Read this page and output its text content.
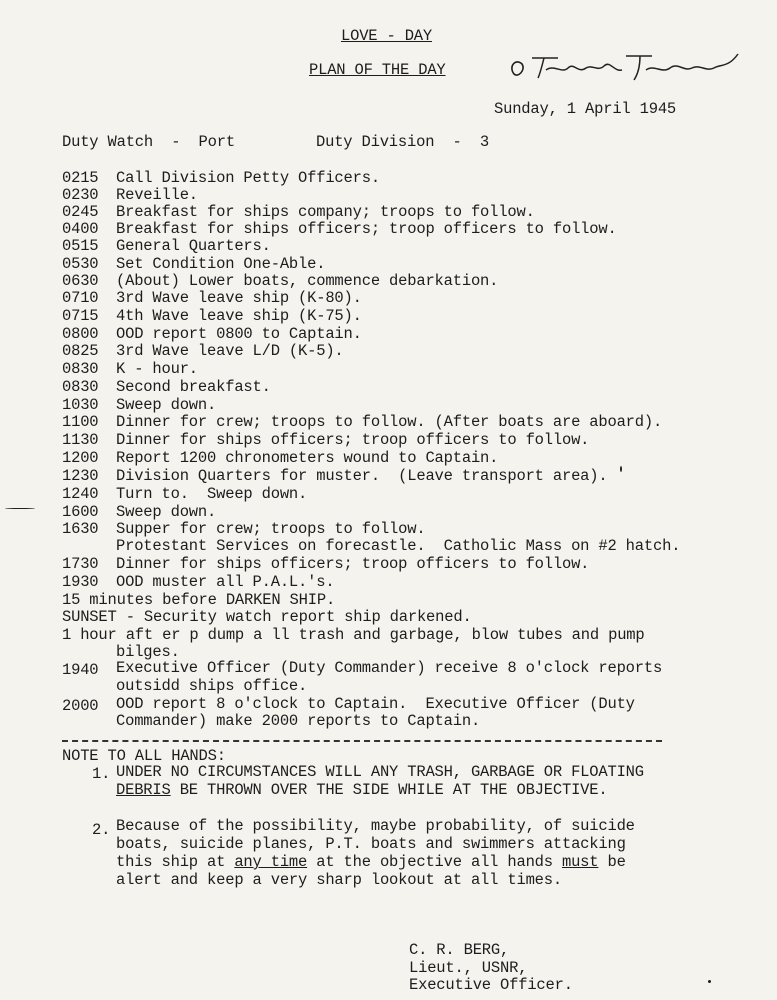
LOVE - DAY
PLAN OF THE DAY
Sunday, 1 April 1945
Duty Watch  -  Port	Duty Division  -  3
0215	Call Division Petty Officers.
0230	Reveille.
0245	Breakfast for ships company; troops to follow.
0400	Breakfast for ships officers; troop officers to follow.
0515	General Quarters.
0530	Set Condition One-Able.
0630	(About) Lower boats, commence debarkation.
0710	3rd Wave leave ship (K-80).
0715	4th Wave leave ship (K-75).
0800	OOD report 0800 to Captain.
0825	3rd Wave leave L/D (K-5).
0830	K - hour.
0830	Second breakfast.
1030	Sweep down.
1100	Dinner for crew; troops to follow. (After boats are aboard).
1130	Dinner for ships officers; troop officers to follow.
1200	Report 1200 chronometers wound to Captain.
1230	Division Quarters for muster.  (Leave transport area).
1240	Turn to.  Sweep down.
1600	Sweep down.
1630	Supper for crew; troops to follow.
Protestant Services on forecastle.  Catholic Mass on #2 hatch.
1730	Dinner for ships officers; troop officers to follow.
1930	OOD muster all P.A.L.'s.
15 minutes before DARKEN SHIP.
SUNSET - Security watch report ship darkened.
1 hour aft er p dump a ll trash and garbage, blow tubes and pump
bilges.
1940 Executive Officer (Duty Commander) receive 8 o'clock reports
outsidd ships office.
2000 OOD report 8 o'clock to Captain.  Executive Officer (Duty
Commander) make 2000 reports to Captain.
NOTE TO ALL HANDS:
1. UNDER NO CIRCUMSTANCES WILL ANY TRASH, GARBAGE OR FLOATING
DEBRIS BE THROWN OVER THE SIDE WHILE AT THE OBJECTIVE.
2. Because of the possibility, maybe probability, of suicide
boats, suicide planes, P.T. boats and swimmers attacking
this ship at any time at the objective all hands must be
alert and keep a very sharp lookout at all times.
C. R. BERG,
Lieut., USNR,
Executive Officer.
